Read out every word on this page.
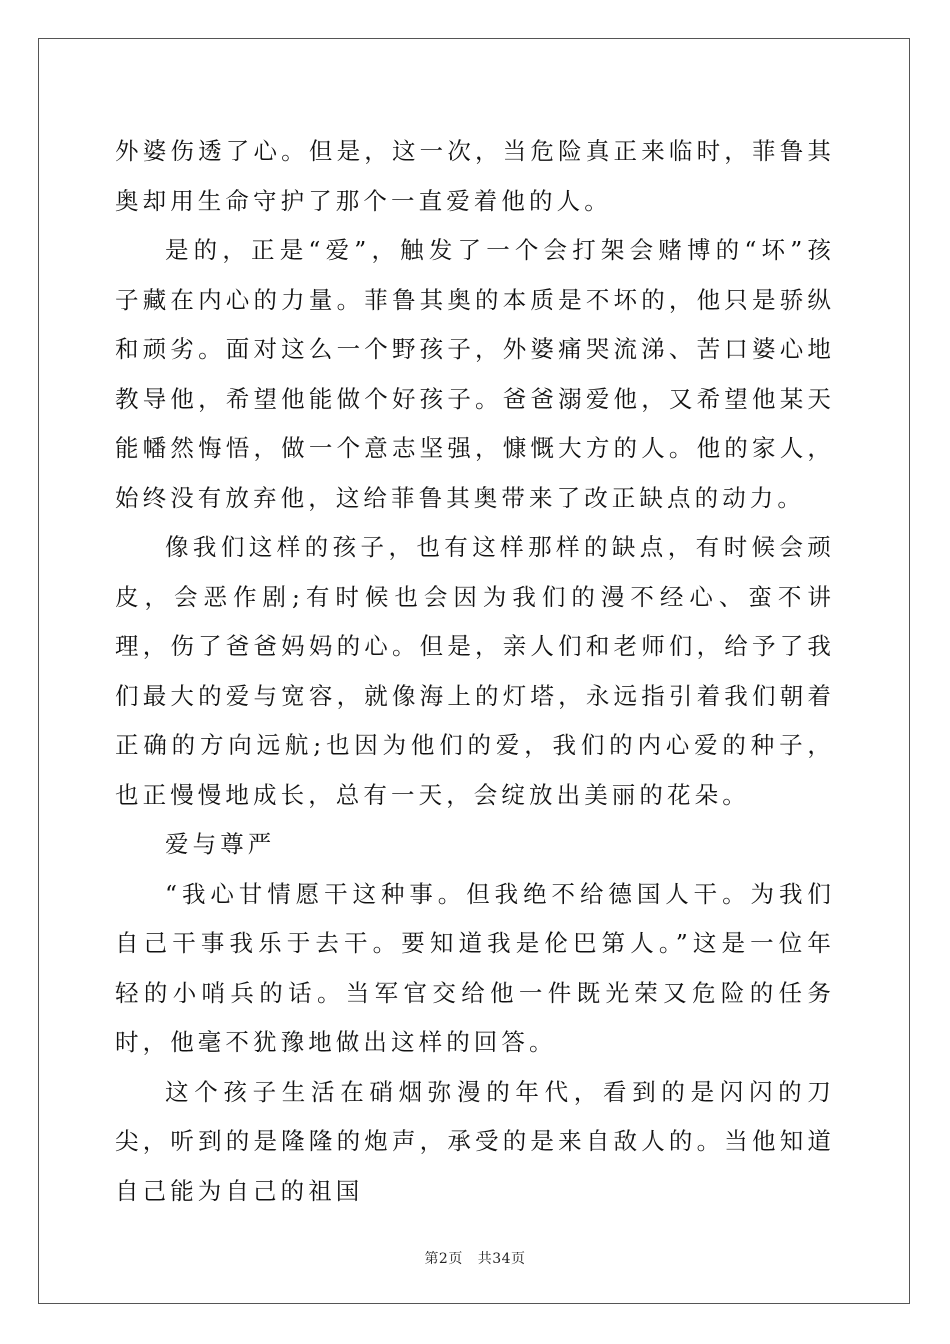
外婆伤透了心。但是，这一次，当危险真正来临时，菲鲁其奥却用生命守护了那个一直爱着他的人。

是的，正是“爱”，触发了一个会打架会赌博的“坏”孩子藏在内心的力量。菲鲁其奥的本质是不坏的，他只是骄纵和顽劣。面对这么一个野孩子，外婆痛哭流涕、苦口婆心地教导他，希望他能做个好孩子。爸爸溺爱他，又希望他某天能幡然悔悟，做一个意志坚强，慷慨大方的人。他的家人，始终没有放弃他，这给菲鲁其奥带来了改正缺点的动力。

像我们这样的孩子，也有这样那样的缺点，有时候会顽皮，会恶作剧;有时候也会因为我们的漫不经心、蛮不讲理，伤了爸爸妈妈的心。但是，亲人们和老师们，给予了我们最大的爱与宽容，就像海上的灯塔，永远指引着我们朝着正确的方向远航;也因为他们的爱，我们的内心爱的种子，也正慢慢地成长，总有一天，会绽放出美丽的花朵。

爱与尊严

“我心甘情愿干这种事。但我绝不给德国人干。为我们自己干事我乐于去干。要知道我是伦巴第人。”这是一位年轻的小哨兵的话。当军官交给他一件既光荣又危险的任务时，他毫不犹豫地做出这样的回答。

这个孩子生活在硝烟弥漫的年代，看到的是闪闪的刀尖，听到的是隆隆的炮声，承受的是来自敌人的。当他知道自己能为自己的祖国

第2页 共34页
